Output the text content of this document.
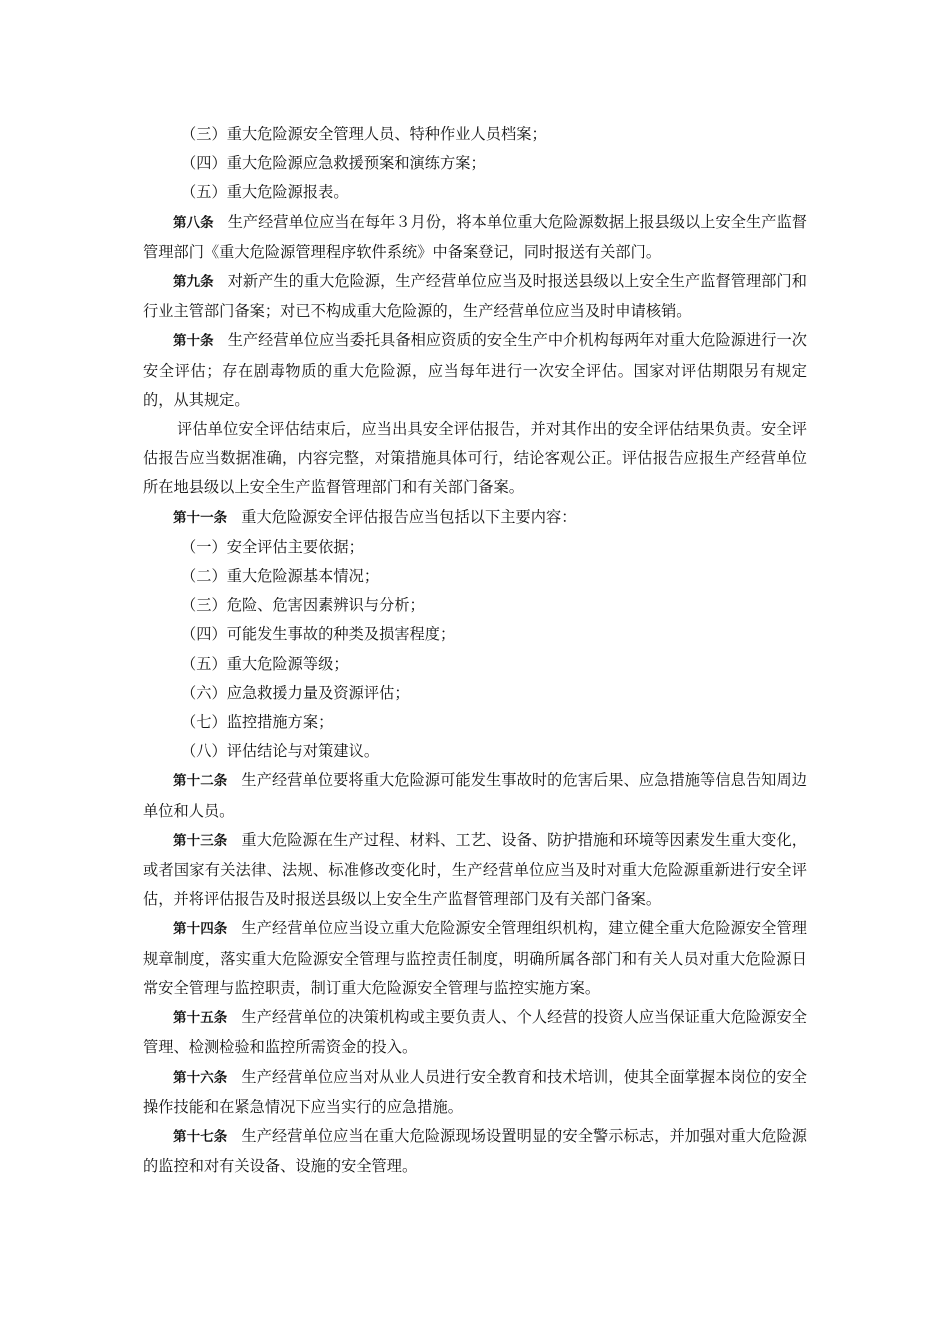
（三）重大危险源安全管理人员、特种作业人员档案；

（四）重大危险源应急救援预案和演练方案；

（五）重大危险源报表。

第八条 生产经营单位应当在每年３月份，将本单位重大危险源数据上报县级以上安全生产监督管理部门《重大危险源管理程序软件系统》中备案登记，同时报送有关部门。

第九条 对新产生的重大危险源，生产经营单位应当及时报送县级以上安全生产监督管理部门和行业主管部门备案；对已不构成重大危险源的，生产经营单位应当及时申请核销。

第十条 生产经营单位应当委托具备相应资质的安全生产中介机构每两年对重大危险源进行一次安全评估；存在剧毒物质的重大危险源，应当每年进行一次安全评估。国家对评估期限另有规定的，从其规定。

评估单位安全评估结束后，应当出具安全评估报告，并对其作出的安全评估结果负责。安全评估报告应当数据准确，内容完整，对策措施具体可行，结论客观公正。评估报告应报生产经营单位所在地县级以上安全生产监督管理部门和有关部门备案。

第十一条 重大危险源安全评估报告应当包括以下主要内容：

（一）安全评估主要依据；

（二）重大危险源基本情况；

（三）危险、危害因素辨识与分析；

（四）可能发生事故的种类及损害程度；

（五）重大危险源等级；

（六）应急救援力量及资源评估；

（七）监控措施方案；

（八）评估结论与对策建议。

第十二条 生产经营单位要将重大危险源可能发生事故时的危害后果、应急措施等信息告知周边单位和人员。

第十三条 重大危险源在生产过程、材料、工艺、设备、防护措施和环境等因素发生重大变化，或者国家有关法律、法规、标准修改变化时，生产经营单位应当及时对重大危险源重新进行安全评估，并将评估报告及时报送县级以上安全生产监督管理部门及有关部门备案。

第十四条 生产经营单位应当设立重大危险源安全管理组织机构，建立健全重大危险源安全管理规章制度，落实重大危险源安全管理与监控责任制度，明确所属各部门和有关人员对重大危险源日常安全管理与监控职责，制订重大危险源安全管理与监控实施方案。

第十五条 生产经营单位的决策机构或主要负责人、个人经营的投资人应当保证重大危险源安全管理、检测检验和监控所需资金的投入。

第十六条 生产经营单位应当对从业人员进行安全教育和技术培训，使其全面掌握本岗位的安全操作技能和在紧急情况下应当实行的应急措施。

第十七条 生产经营单位应当在重大危险源现场设置明显的安全警示标志，并加强对重大危险源的监控和对有关设备、设施的安全管理。
